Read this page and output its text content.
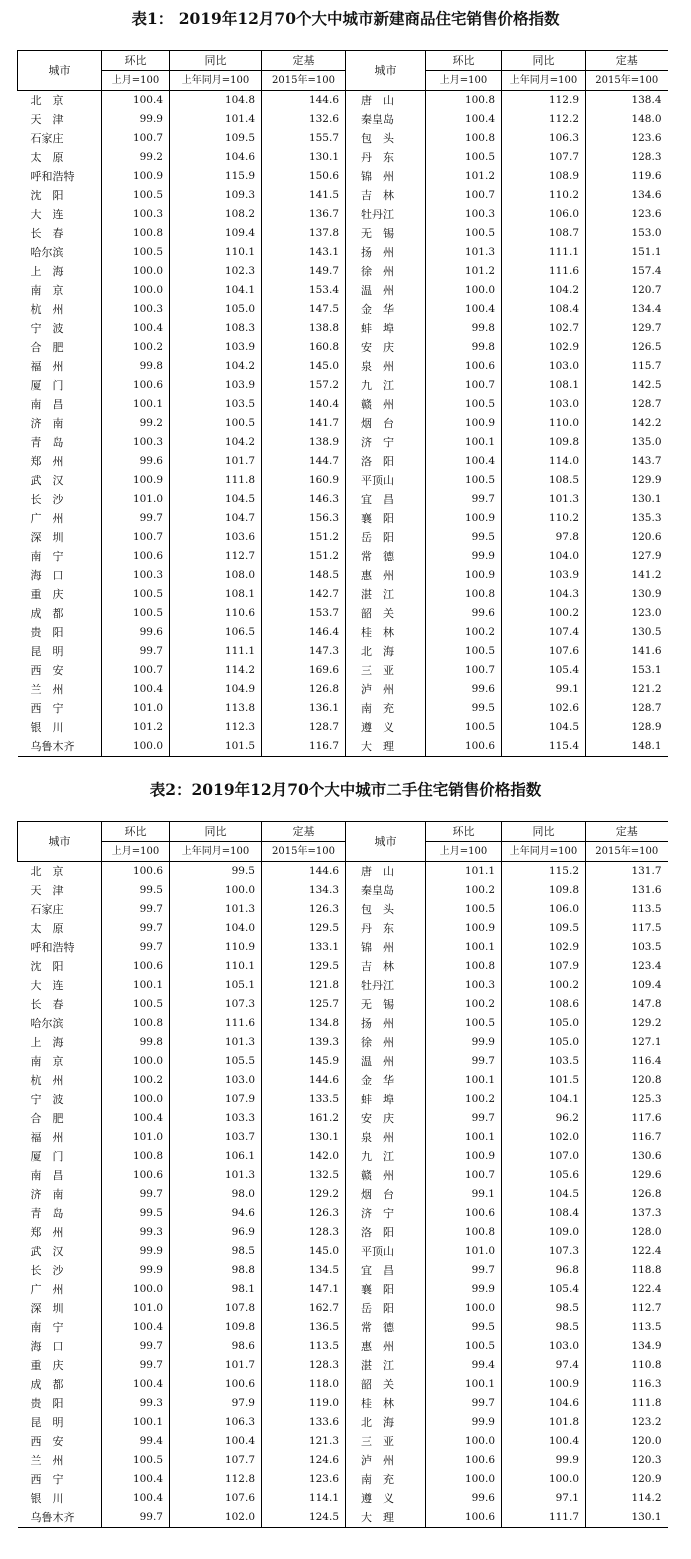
表1： 2019年12月70个大中城市新建商品住宅销售价格指数
城市	环比	同比	定基	城市	环比	同比	定基
	上月=100	上年同月=100	2015年=100		上月=100	上年同月=100	2015年=100
北　京	100.4	104.8	144.6	唐　山	100.8	112.9	138.4
天　津	99.9	101.4	132.6	秦皇岛	100.4	112.2	148.0
石家庄	100.7	109.5	155.7	包　头	100.8	106.3	123.6
太　原	99.2	104.6	130.1	丹　东	100.5	107.7	128.3
呼和浩特	100.9	115.9	150.6	锦　州	101.2	108.9	119.6
沈　阳	100.5	109.3	141.5	吉　林	100.7	110.2	134.6
大　连	100.3	108.2	136.7	牡丹江	100.3	106.0	123.6
长　春	100.8	109.4	137.8	无　锡	100.5	108.7	153.0
哈尔滨	100.5	110.1	143.1	扬　州	101.3	111.1	151.1
上　海	100.0	102.3	149.7	徐　州	101.2	111.6	157.4
南　京	100.0	104.1	153.4	温　州	100.0	104.2	120.7
杭　州	100.3	105.0	147.5	金　华	100.4	108.4	134.4
宁　波	100.4	108.3	138.8	蚌　埠	99.8	102.7	129.7
合　肥	100.2	103.9	160.8	安　庆	99.8	102.9	126.5
福　州	99.8	104.2	145.0	泉　州	100.6	103.0	115.7
厦　门	100.6	103.9	157.2	九　江	100.7	108.1	142.5
南　昌	100.1	103.5	140.4	赣　州	100.5	103.0	128.7
济　南	99.2	100.5	141.7	烟　台	100.9	110.0	142.2
青　岛	100.3	104.2	138.9	济　宁	100.1	109.8	135.0
郑　州	99.6	101.7	144.7	洛　阳	100.4	114.0	143.7
武　汉	100.9	111.8	160.9	平顶山	100.5	108.5	129.9
长　沙	101.0	104.5	146.3	宜　昌	99.7	101.3	130.1
广　州	99.7	104.7	156.3	襄　阳	100.9	110.2	135.3
深　圳	100.7	103.6	151.2	岳　阳	99.5	97.8	120.6
南　宁	100.6	112.7	151.2	常　德	99.9	104.0	127.9
海　口	100.3	108.0	148.5	惠　州	100.9	103.9	141.2
重　庆	100.5	108.1	142.7	湛　江	100.8	104.3	130.9
成　都	100.5	110.6	153.7	韶　关	99.6	100.2	123.0
贵　阳	99.6	106.5	146.4	桂　林	100.2	107.4	130.5
昆　明	99.7	111.1	147.3	北　海	100.5	107.6	141.6
西　安	100.7	114.2	169.6	三　亚	100.7	105.4	153.1
兰　州	100.4	104.9	126.8	泸　州	99.6	99.1	121.2
西　宁	101.0	113.8	136.1	南　充	99.5	102.6	128.7
银　川	101.2	112.3	128.7	遵　义	100.5	104.5	128.9
乌鲁木齐	100.0	101.5	116.7	大　理	100.6	115.4	148.1
表2：2019年12月70个大中城市二手住宅销售价格指数
城市	环比	同比	定基	城市	环比	同比	定基
	上月=100	上年同月=100	2015年=100		上月=100	上年同月=100	2015年=100
北　京	100.6	99.5	144.6	唐　山	101.1	115.2	131.7
天　津	99.5	100.0	134.3	秦皇岛	100.2	109.8	131.6
石家庄	99.7	101.3	126.3	包　头	100.5	106.0	113.5
太　原	99.7	104.0	129.5	丹　东	100.9	109.5	117.5
呼和浩特	99.7	110.9	133.1	锦　州	100.1	102.9	103.5
沈　阳	100.6	110.1	129.5	吉　林	100.8	107.9	123.4
大　连	100.1	105.1	121.8	牡丹江	100.3	100.2	109.4
长　春	100.5	107.3	125.7	无　锡	100.2	108.6	147.8
哈尔滨	100.8	111.6	134.8	扬　州	100.5	105.0	129.2
上　海	99.8	101.3	139.3	徐　州	99.9	105.0	127.1
南　京	100.0	105.5	145.9	温　州	99.7	103.5	116.4
杭　州	100.2	103.0	144.6	金　华	100.1	101.5	120.8
宁　波	100.0	107.9	133.5	蚌　埠	100.2	104.1	125.3
合　肥	100.4	103.3	161.2	安　庆	99.7	96.2	117.6
福　州	101.0	103.7	130.1	泉　州	100.1	102.0	116.7
厦　门	100.8	106.1	142.0	九　江	100.9	107.0	130.6
南　昌	100.6	101.3	132.5	赣　州	100.7	105.6	129.6
济　南	99.7	98.0	129.2	烟　台	99.1	104.5	126.8
青　岛	99.5	94.6	126.3	济　宁	100.6	108.4	137.3
郑　州	99.3	96.9	128.3	洛　阳	100.8	109.0	128.0
武　汉	99.9	98.5	145.0	平顶山	101.0	107.3	122.4
长　沙	99.9	98.8	134.5	宜　昌	99.7	96.8	118.8
广　州	100.0	98.1	147.1	襄　阳	99.9	105.4	122.4
深　圳	101.0	107.8	162.7	岳　阳	100.0	98.5	112.7
南　宁	100.4	109.8	136.5	常　德	99.5	98.5	113.5
海　口	99.7	98.6	113.5	惠　州	100.5	103.0	134.9
重　庆	99.7	101.7	128.3	湛　江	99.4	97.4	110.8
成　都	100.4	100.6	118.0	韶　关	100.1	100.9	116.3
贵　阳	99.3	97.9	119.0	桂　林	99.7	104.6	111.8
昆　明	100.1	106.3	133.6	北　海	99.9	101.8	123.2
西　安	99.4	100.4	121.3	三　亚	100.0	100.4	120.0
兰　州	100.5	107.7	124.6	泸　州	100.6	99.9	120.3
西　宁	100.4	112.8	123.6	南　充	100.0	100.0	120.9
银　川	100.4	107.6	114.1	遵　义	99.6	97.1	114.2
乌鲁木齐	99.7	102.0	124.5	大　理	100.6	111.7	130.1
